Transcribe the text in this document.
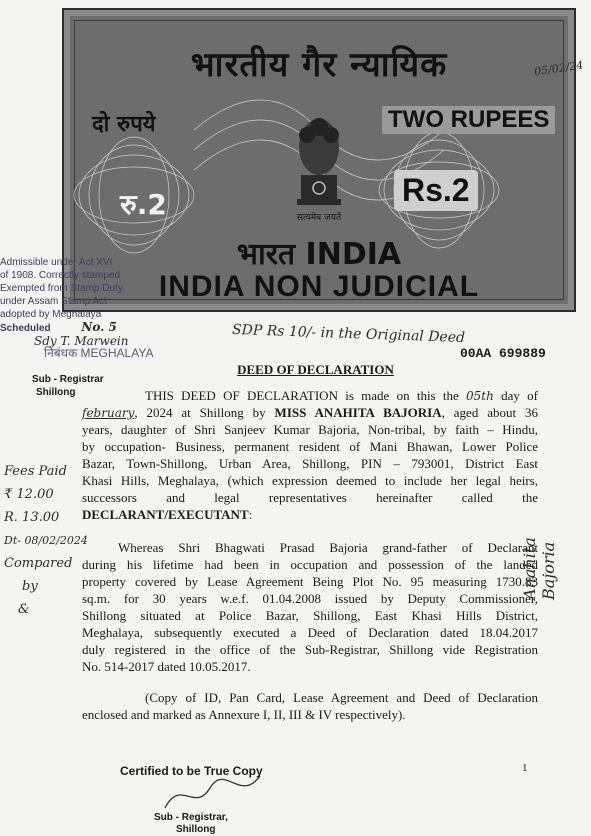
भारतीय गैर न्यायिक
दो रुपये	TWO RUPEES
सत्यमेव जयते
रु.2	Rs.2
भारत INDIA
INDIA NON JUDICIAL
05/02/24
Admissible under Act XVI
of 1908. Correctly stamped
Exempted from Stamp Duty
under Assam Stamp Act
adopted by Meghalaya
Scheduled	No. 5
Sdy T. Marwein
निबंधक MEGHALAYA
Sub - Registrar
Shillong
SDP Rs 10/- in the Original Deed
00AA 699889
DEED OF DECLARATION
THIS DEED OF DECLARATION is made on this the 05th day of
february, 2024 at Shillong by MISS ANAHITA BAJORIA, aged about 36
years, daughter of Shri Sanjeev Kumar Bajoria, Non-tribal, by faith – Hindu,
by occupation- Business, permanent resident of Mani Bhawan, Lower Police
Bazar, Town-Shillong, Urban Area, Shillong, PIN – 793001, District East
Khasi Hills, Meghalaya, (which expression deemed to include her legal heirs,
successors and legal representatives hereinafter called the
DECLARANT/EXECUTANT:
Whereas Shri Bhagwati Prasad Bajoria grand-father of Declarant
during his lifetime had been in occupation and possession of the landed
property covered by Lease Agreement Being Plot No. 95 measuring 1730.83
sq.m. for 30 years w.e.f. 01.04.2008 issued by Deputy Commissioner,
Shillong situated at Police Bazar, Shillong, East Khasi Hills District,
Meghalaya, subsequently executed a Deed of Declaration dated 18.04.2017
duly registered in the office of the Sub-Registrar, Shillong vide Registration
No. 514-2017 dated 10.05.2017.
(Copy of ID, Pan Card, Lease Agreement and Deed of Declaration
enclosed and marked as Annexure I, II, III & IV respectively).
Fees Paid
₹ 12.00
R. 13.00
Dt- 08/02/2024
Compared
by
&
Anahita Bajoria
Certified to be True Copy	1
Sub - Registrar,
Shillong
